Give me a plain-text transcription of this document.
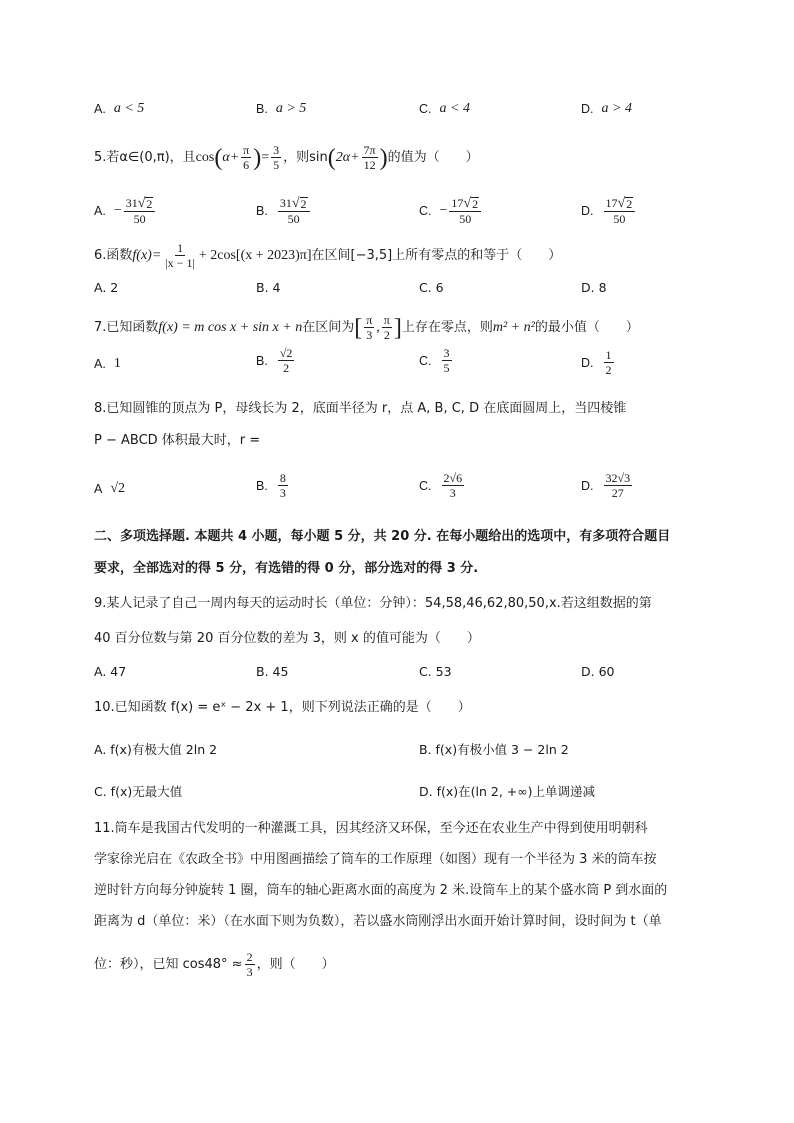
A. a < 5	B. a > 5	C. a < 4	D. a > 4
5.若α∈(0,π)，且 cos ( $\alpha+ \frac{\pi}{6}$ ) = $\frac{3}{5}$ ，则sin ( $2\alpha+ \frac{7\pi}{12}$ ) 的值为（　　）
A. − $\frac{31 √ 2}{50}$	B. $\frac{31 √ 2}{50}$	C. − $\frac{17 √ 2}{50}$	D. $\frac{17 √ 2}{50}$
6.函数 $f(x)= \frac{1}{|x - 1|} + 2\cos[(x + 2023)\pi]$ 在区间[−3,5]上所有零点的和等于（　　）
A. 2	B. 4	C. 6	D. 8
7.已知函数 f(x) = m cos x + sin x + n 在区间为 [ $\frac{\pi}{3}$ , $\frac{\pi}{2}$ ] 上存在零点，则 m² + n² 的最小值（　　）
A. 1	B. $\frac{√2}{2}$	C. $\frac{3}{5}$	D. $\frac{1}{2}$
8.已知圆锥的顶点为 P，母线长为 2，底面半径为 r，点 A, B, C, D 在底面圆周上，当四棱锥
P − ABCD 体积最大时，r =
A √2	B. $\frac{8}{3}$	C. $\frac{2√6}{3}$	D. $\frac{32√3}{27}$
二、多项选择题. 本题共 4 小题，每小题 5 分，共 20 分. 在每小题给出的选项中，有多项符合题目
要求，全部选对的得 5 分，有选错的得 0 分，部分选对的得 3 分.
9.某人记录了自己一周内每天的运动时长（单位：分钟）：54,58,46,62,80,50,x.若这组数据的第
40 百分位数与第 20 百分位数的差为 3，则 x 的值可能为（　　）
A. 47	B. 45	C. 53	D. 60
10.已知函数 f(x) = eˣ − 2x + 1，则下列说法正确的是（　　）
A. f(x)有极大值 2ln 2	B. f(x)有极小值 3 − 2ln 2
C. f(x)无最大值	D. f(x)在(ln 2, +∞)上单调递减
11.筒车是我国古代发明的一种灌溉工具，因其经济又环保，至今还在农业生产中得到使用明朝科
学家徐光启在《农政全书》中用图画描绘了筒车的工作原理（如图）现有一个半径为 3 米的筒车按
逆时针方向每分钟旋转 1 圈，筒车的轴心距离水面的高度为 2 米.设筒车上的某个盛水筒 P 到水面的
距离为 d（单位：米）（在水面下则为负数），若以盛水筒刚浮出水面开始计算时间，设时间为 t（单
位：秒），已知 $\cos 48^\circ \approx \frac{2}{3}$ ，则（　　）
